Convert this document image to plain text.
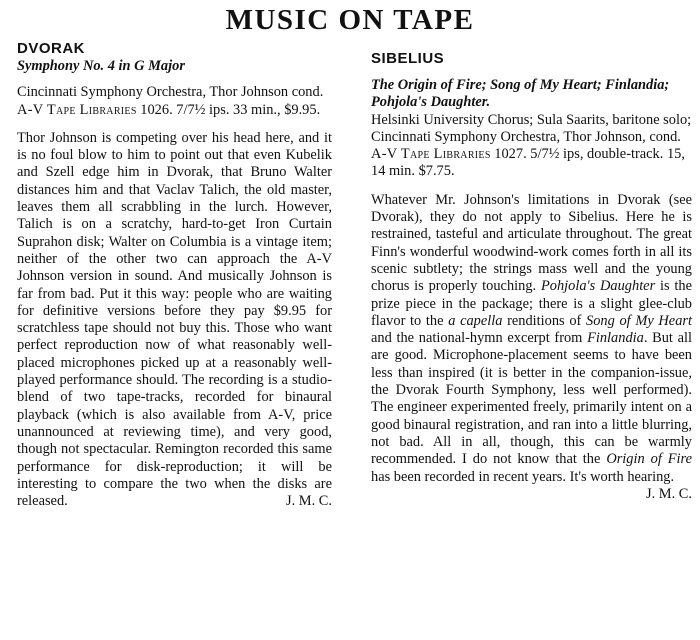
MUSIC ON TAPE
DVORAK
Symphony No. 4 in G Major

Cincinnati Symphony Orchestra, Thor Johnson cond.

A-V Tape Libraries 1026. 7/7½ ips. 33 min., $9.95.

Thor Johnson is competing over his head here, and it is no foul blow to him to point out that even Kubelik and Szell edge him in Dvorak, that Bruno Walter distances him and that Vaclav Talich, the old master, leaves them all scrabbling in the lurch. However, Talich is on a scratchy, hard-to-get Iron Curtain Suprahon disk; Walter on Columbia is a vintage item; neither of the other two can approach the A-V Johnson version in sound. And musically Johnson is far from bad. Put it this way: people who are waiting for definitive versions before they pay $9.95 for scratchless tape should not buy this. Those who want perfect reproduction now of what reasonably well-placed microphones picked up at a reasonably well-played performance should. The recording is a studio-blend of two tape-tracks, recorded for binaural playback (which is also available from A-V, price unannounced at reviewing time), and very good, though not spectacular. Remington recorded this same performance for disk-reproduction; it will be interesting to compare the two when the disks are released.	J. M. C.

SIBELIUS
The Origin of Fire; Song of My Heart; Finlandia; Pohjola's Daughter.

Helsinki University Chorus; Sula Saarits, baritone solo; Cincinnati Symphony Orchestra, Thor Johnson, cond.

A-V Tape Libraries 1027. 5/7½ ips, double-track. 15, 14 min. $7.75.

Whatever Mr. Johnson's limitations in Dvorak (see Dvorak), they do not apply to Sibelius. Here he is restrained, tasteful and articulate throughout. The great Finn's wonderful woodwind-work comes forth in all its scenic subtlety; the strings mass well and the young chorus is properly touching. Pohjola's Daughter is the prize piece in the package; there is a slight glee-club flavor to the a capella renditions of Song of My Heart and the national-hymn excerpt from Finlandia. But all are good. Microphone-placement seems to have been less than inspired (it is better in the companion-issue, the Dvorak Fourth Symphony, less well performed). The engineer experimented freely, primarily intent on a good binaural registration, and ran into a little blurring, not bad. All in all, though, this can be warmly recommended. I do not know that the Origin of Fire has been recorded in recent years. It's worth hearing.
J. M. C.
